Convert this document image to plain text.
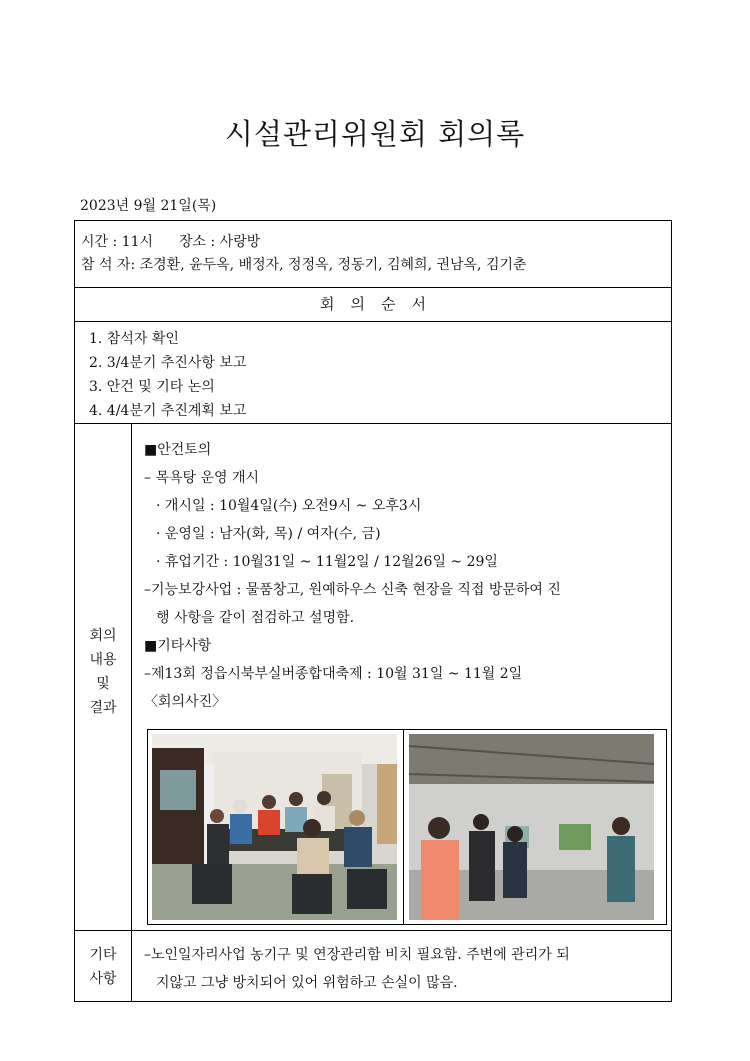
시설관리위원회 회의록
2023년 9월 21일(목)
시간 : 11시 장소 : 사랑방
참 석 자: 조경환, 윤두옥, 배정자, 정정옥, 정동기, 김혜희, 권남옥, 김기춘
회의순서
1. 참석자 확인
2. 3/4분기 추진사항 보고
3. 안건 및 기타 논의
4. 4/4분기 추진계획 보고
회의
내용
및
결과
■안건토의
– 목욕탕 운영 개시
· 개시일 : 10월4일(수) 오전9시 ~ 오후3시
· 운영일 : 남자(화, 목) / 여자(수, 금)
· 휴업기간 : 10월31일 ~ 11월2일 / 12월26일 ~ 29일
–기능보강사업 : 물품창고, 원예하우스 신축 현장을 직접 방문하여 진
행 사항을 같이 점검하고 설명함.
■기타사항
–제13회 정읍시북부실버종합대축제 : 10월 31일 ~ 11월 2일
〈회의사진〉
기타
사항
–노인일자리사업 농기구 및 연장관리함 비치 필요함. 주변에 관리가 되
지않고 그냥 방치되어 있어 위험하고 손실이 많음.
